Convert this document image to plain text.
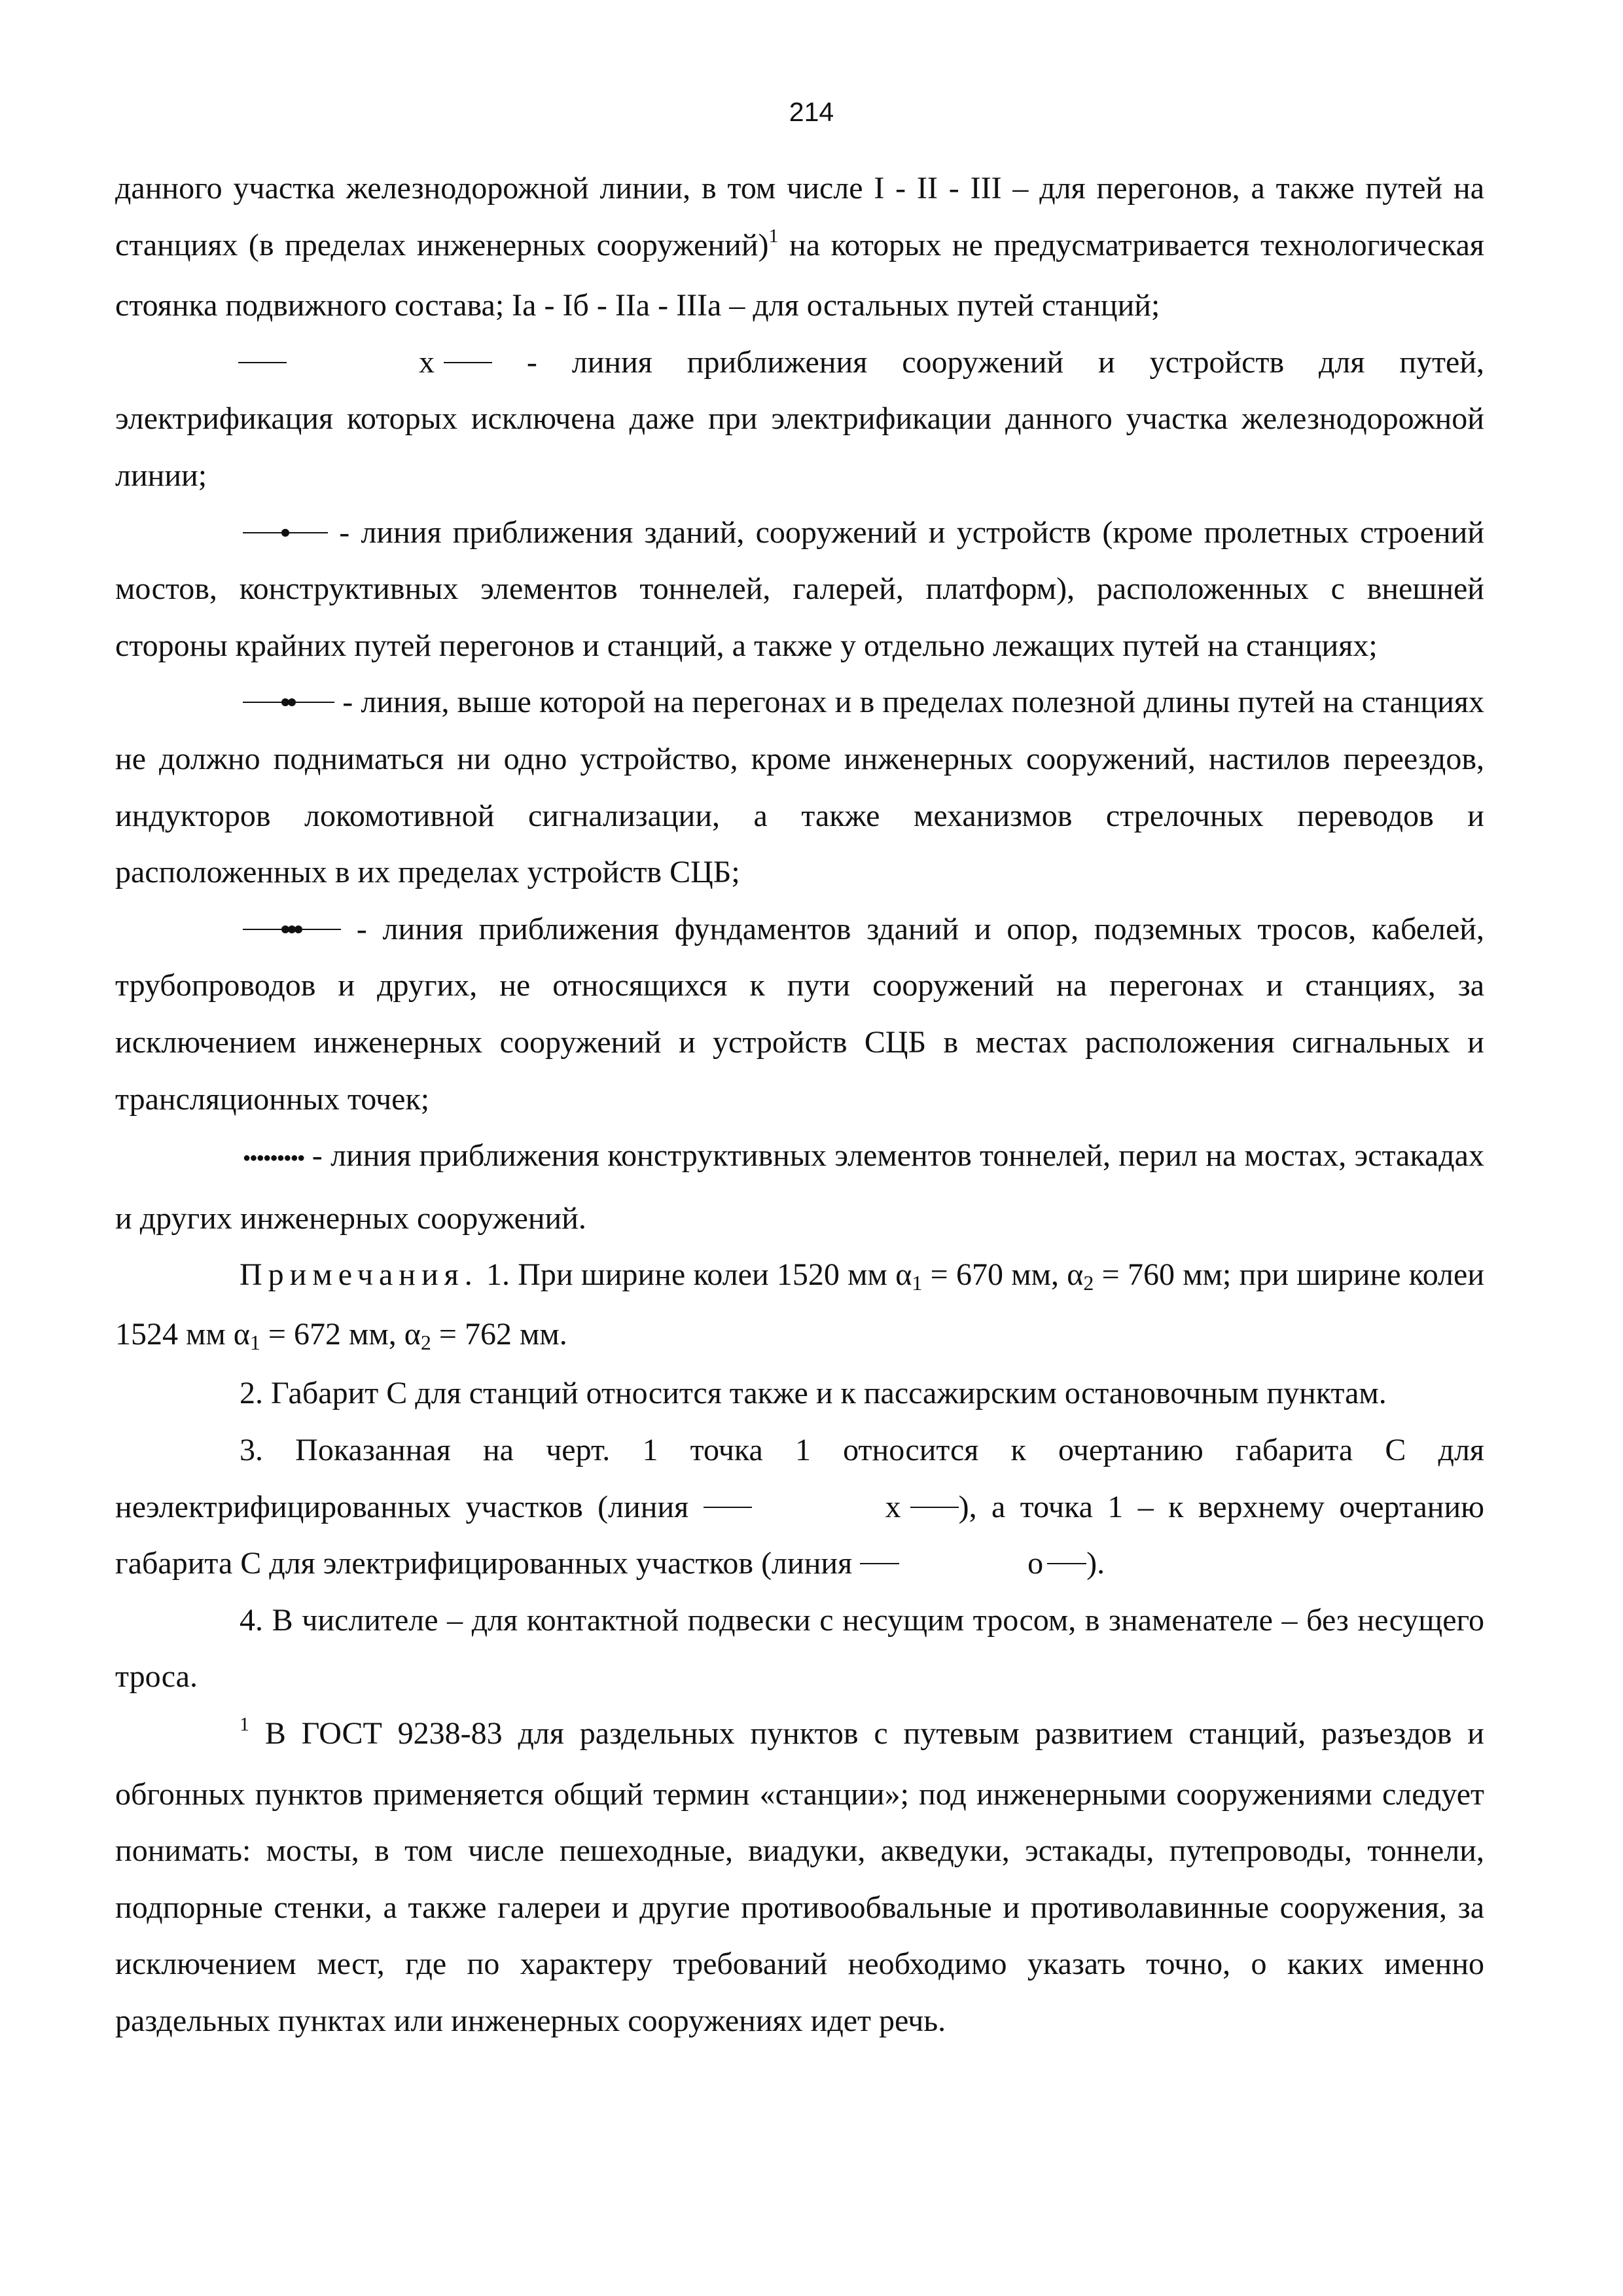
214

данного участка железнодорожной линии, в том числе I - II - III – для перегонов, а также путей на станциях (в пределах инженерных сооружений)$^1$ на которых не предусматривается технологическая стоянка подвижного состава; Iа - Iб - IIа - IIIа – для остальных путей станций;

х - линия приближения сооружений и устройств для путей, электрификация которых исключена даже при электрификации данного участка железнодорожной линии;

- линия приближения зданий, сооружений и устройств (кроме пролетных строений мостов, конструктивных элементов тоннелей, галерей, платформ), расположенных с внешней стороны крайних путей перегонов и станций, а также у отдельно лежащих путей на станциях;

- линия, выше которой на перегонах и в пределах полезной длины путей на станциях не должно подниматься ни одно устройство, кроме инженерных сооружений, настилов переездов, индукторов локомотивной сигнализации, а также механизмов стрелочных переводов и расположенных в их пределах устройств СЦБ;

- линия приближения фундаментов зданий и опор, подземных тросов, кабелей, трубопроводов и других, не относящихся к пути сооружений на перегонах и станциях, за исключением инженерных сооружений и устройств СЦБ в местах расположения сигнальных и трансляционных точек;

●●●●●●●●● - линия приближения конструктивных элементов тоннелей, перил на мостах, эстакадах и других инженерных сооружений.

Примечания. 1. При ширине колеи 1520 мм $\alpha_1 = 670$ мм, $\alpha_2 = 760$ мм; при ширине колеи 1524 мм $\alpha_1 = 672$ мм, $\alpha_2 = 762$ мм.

2. Габарит С для станций относится также и к пассажирским остановочным пунктам.

3. Показанная на черт. 1 точка 1 относится к очертанию габарита С для неэлектрифицированных участков (линия	х ), а точка 1 – к верхнему очертанию габарита С для электрифицированных участков (линия	о ).

4. В числителе – для контактной подвески с несущим тросом, в знаменателе – без несущего троса.

$^1$ В ГОСТ 9238-83 для раздельных пунктов с путевым развитием станций, разъездов и обгонных пунктов применяется общий термин «станции»; под инженерными сооружениями следует понимать: мосты, в том числе пешеходные, виадуки, акведуки, эстакады, путепроводы, тоннели, подпорные стенки, а также галереи и другие противообвальные и противолавинные сооружения, за исключением мест, где по характеру требований необходимо указать точно, о каких именно раздельных пунктах или инженерных сооружениях идет речь.
